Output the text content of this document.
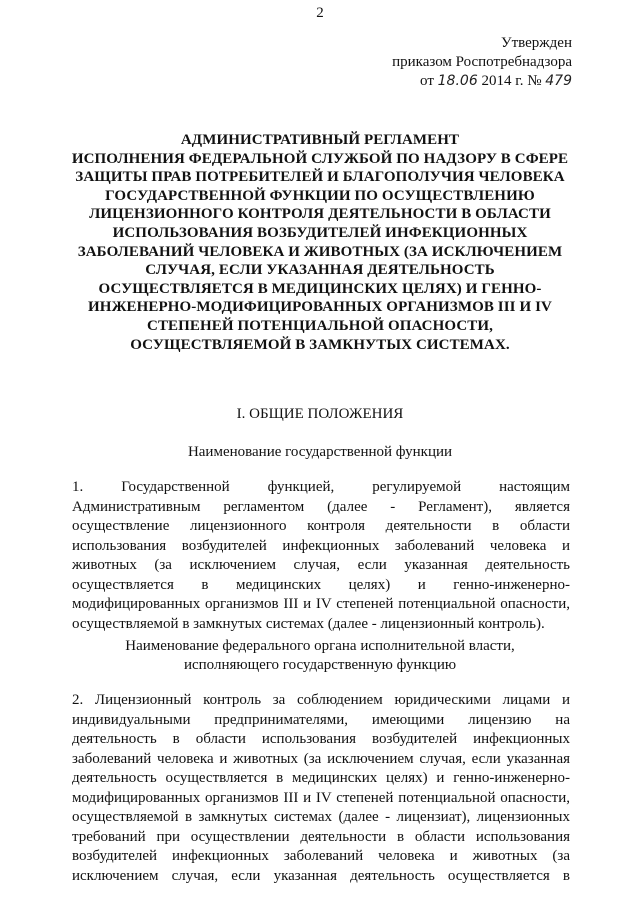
2
Утвержден
приказом Роспотребнадзора
от 18.06 2014 г. № 479
АДМИНИСТРАТИВНЫЙ РЕГЛАМЕНТ
ИСПОЛНЕНИЯ ФЕДЕРАЛЬНОЙ СЛУЖБОЙ ПО НАДЗОРУ В СФЕРЕ
ЗАЩИТЫ ПРАВ ПОТРЕБИТЕЛЕЙ И БЛАГОПОЛУЧИЯ ЧЕЛОВЕКА
ГОСУДАРСТВЕННОЙ ФУНКЦИИ ПО ОСУЩЕСТВЛЕНИЮ
ЛИЦЕНЗИОННОГО КОНТРОЛЯ ДЕЯТЕЛЬНОСТИ В ОБЛАСТИ
ИСПОЛЬЗОВАНИЯ ВОЗБУДИТЕЛЕЙ ИНФЕКЦИОННЫХ
ЗАБОЛЕВАНИЙ ЧЕЛОВЕКА И ЖИВОТНЫХ (ЗА ИСКЛЮЧЕНИЕМ
СЛУЧАЯ, ЕСЛИ УКАЗАННАЯ ДЕЯТЕЛЬНОСТЬ
ОСУЩЕСТВЛЯЕТСЯ В МЕДИЦИНСКИХ ЦЕЛЯХ) И ГЕННО-
ИНЖЕНЕРНО-МОДИФИЦИРОВАННЫХ ОРГАНИЗМОВ III И IV
СТЕПЕНЕЙ ПОТЕНЦИАЛЬНОЙ ОПАСНОСТИ,
ОСУЩЕСТВЛЯЕМОЙ В ЗАМКНУТЫХ СИСТЕМАХ.
I. ОБЩИЕ ПОЛОЖЕНИЯ
Наименование государственной функции
1. Государственной функцией, регулируемой настоящим
Административным регламентом (далее - Регламент), является
осуществление лицензионного контроля деятельности в области
использования возбудителей инфекционных заболеваний человека и
животных (за исключением случая, если указанная деятельность
осуществляется в медицинских целях) и генно-инженерно-
модифицированных организмов III и IV степеней потенциальной опасности,
осуществляемой в замкнутых системах (далее - лицензионный контроль).
Наименование федерального органа исполнительной власти,
исполняющего государственную функцию
2. Лицензионный контроль за соблюдением юридическими лицами и
индивидуальными предпринимателями, имеющими лицензию на
деятельность в области использования возбудителей инфекционных
заболеваний человека и животных (за исключением случая, если указанная
деятельность осуществляется в медицинских целях) и генно-инженерно-
модифицированных организмов III и IV степеней потенциальной опасности,
осуществляемой в замкнутых системах (далее - лицензиат), лицензионных
требований при осуществлении деятельности в области использования
возбудителей инфекционных заболеваний человека и животных (за
исключением случая, если указанная деятельность осуществляется в
